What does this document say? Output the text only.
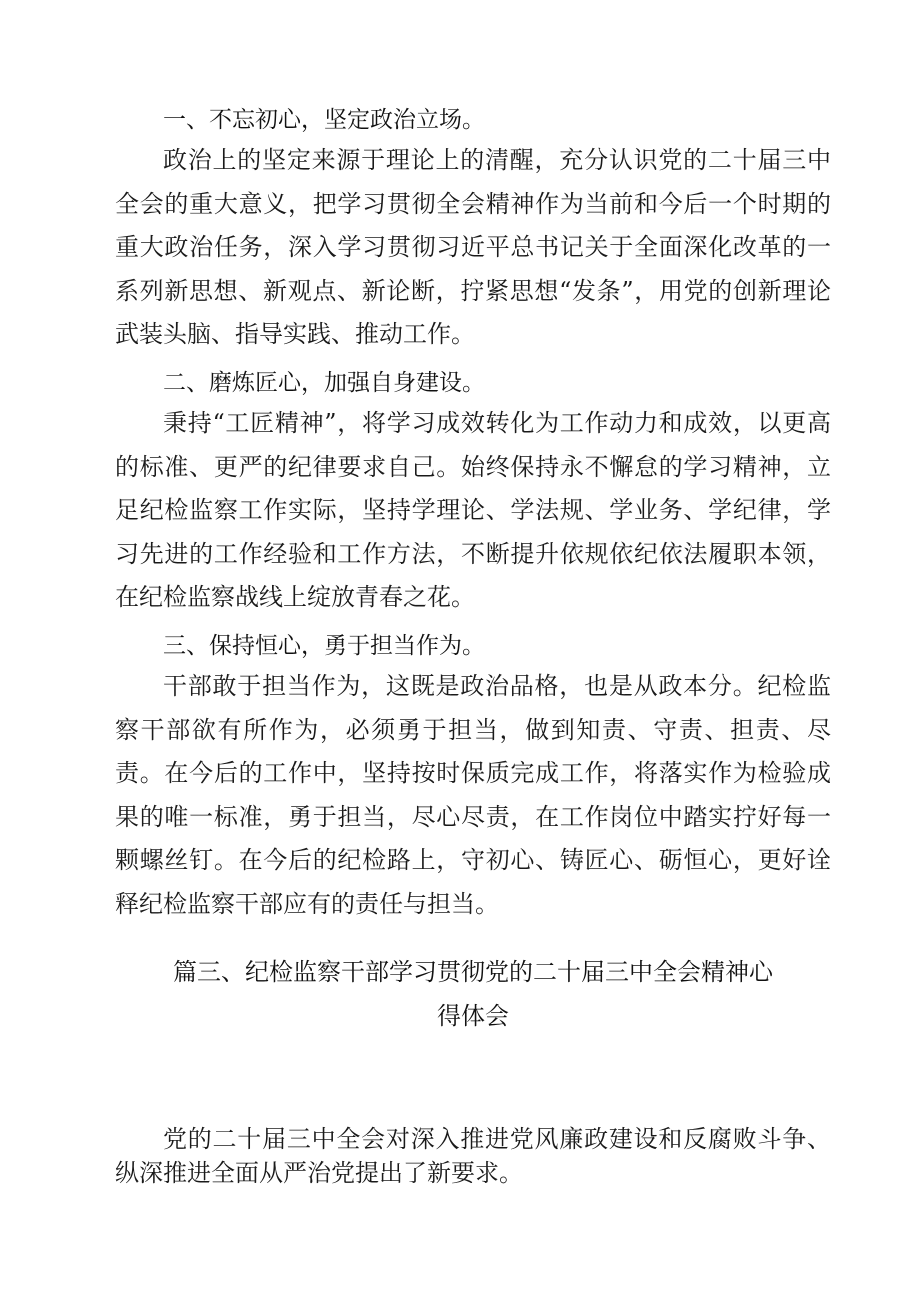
一、不忘初心，坚定政治立场。

政治上的坚定来源于理论上的清醒，充分认识党的二十届三中全会的重大意义，把学习贯彻全会精神作为当前和今后一个时期的重大政治任务，深入学习贯彻习近平总书记关于全面深化改革的一系列新思想、新观点、新论断，拧紧思想“发条”，用党的创新理论武装头脑、指导实践、推动工作。

二、磨炼匠心，加强自身建设。

秉持“工匠精神”，将学习成效转化为工作动力和成效，以更高的标准、更严的纪律要求自己。始终保持永不懈怠的学习精神，立足纪检监察工作实际，坚持学理论、学法规、学业务、学纪律，学习先进的工作经验和工作方法，不断提升依规依纪依法履职本领，在纪检监察战线上绽放青春之花。

三、保持恒心，勇于担当作为。

干部敢于担当作为，这既是政治品格，也是从政本分。纪检监察干部欲有所作为，必须勇于担当，做到知责、守责、担责、尽责。在今后的工作中，坚持按时保质完成工作，将落实作为检验成果的唯一标准，勇于担当，尽心尽责，在工作岗位中踏实拧好每一颗螺丝钉。在今后的纪检路上，守初心、铸匠心、砺恒心，更好诠释纪检监察干部应有的责任与担当。

篇三、纪检监察干部学习贯彻党的二十届三中全会精神心
得体会

党的二十届三中全会对深入推进党风廉政建设和反腐败斗争、纵深推进全面从严治党提出了新要求。
